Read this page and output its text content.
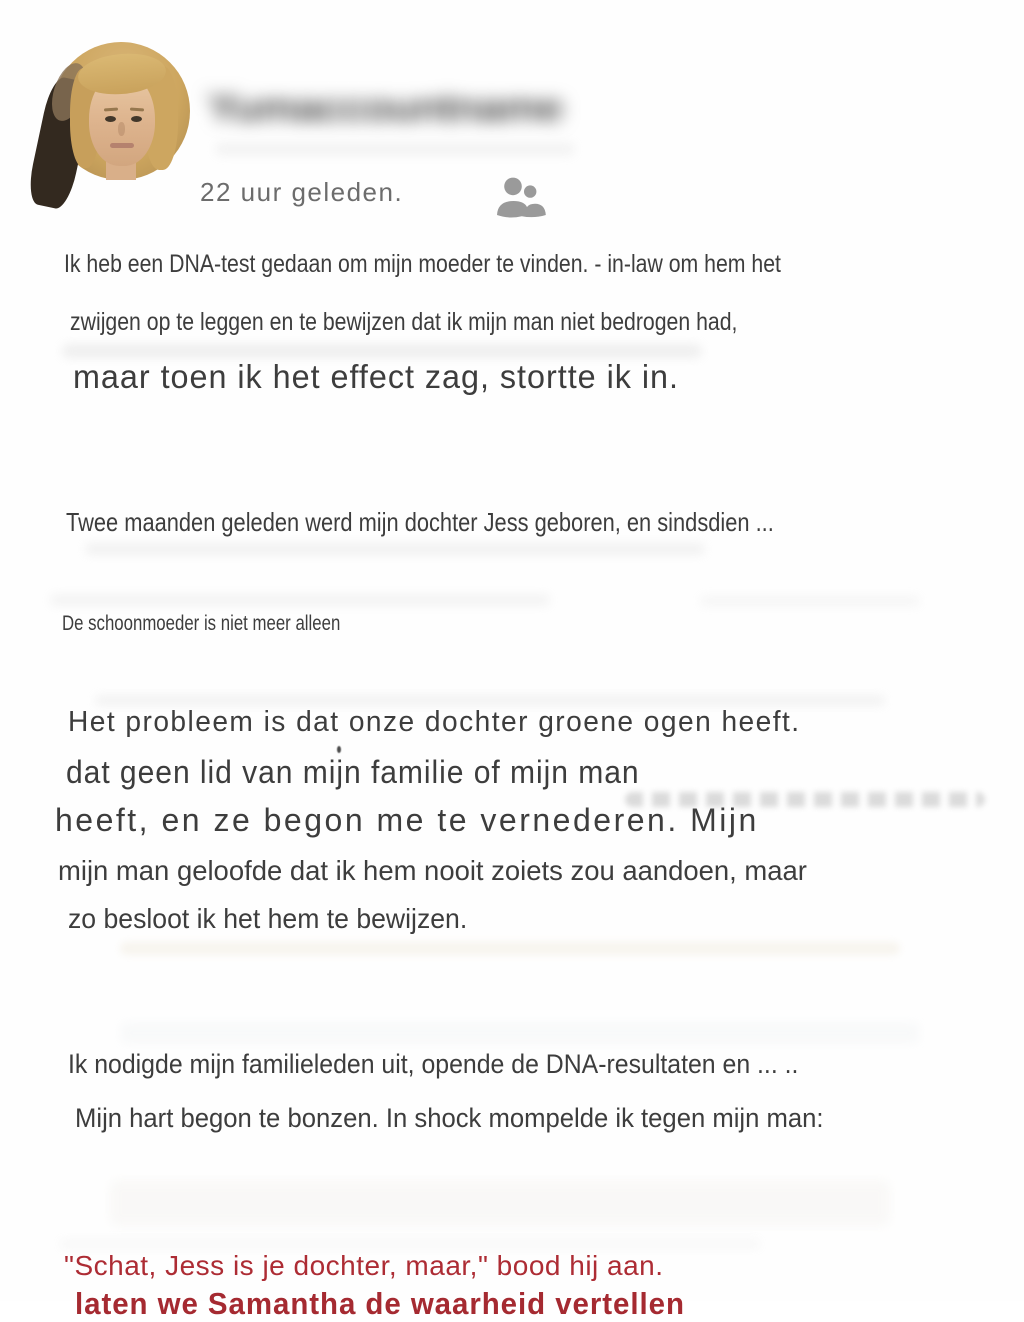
Yumaccountname
22 uur geleden.
Ik heb een DNA-test gedaan om mijn moeder te vinden. - in-law om hem het
zwijgen op te leggen en te bewijzen dat ik mijn man niet bedrogen had,
maar toen ik het effect zag, stortte ik in.
Twee maanden geleden werd mijn dochter Jess geboren, en sindsdien ...
De schoonmoeder is niet meer alleen
Het probleem is dat onze dochter groene ogen heeft.
dat geen lid van mijn familie of mijn man
heeft, en ze begon me te vernederen. Mijn
mijn man geloofde dat ik hem nooit zoiets zou aandoen, maar
zo besloot ik het hem te bewijzen.
Ik nodigde mijn familieleden uit, opende de DNA-resultaten en ... ..
Mijn hart begon te bonzen. In shock mompelde ik tegen mijn man:
"Schat, Jess is je dochter, maar," bood hij aan.
laten we Samantha de waarheid vertellen
